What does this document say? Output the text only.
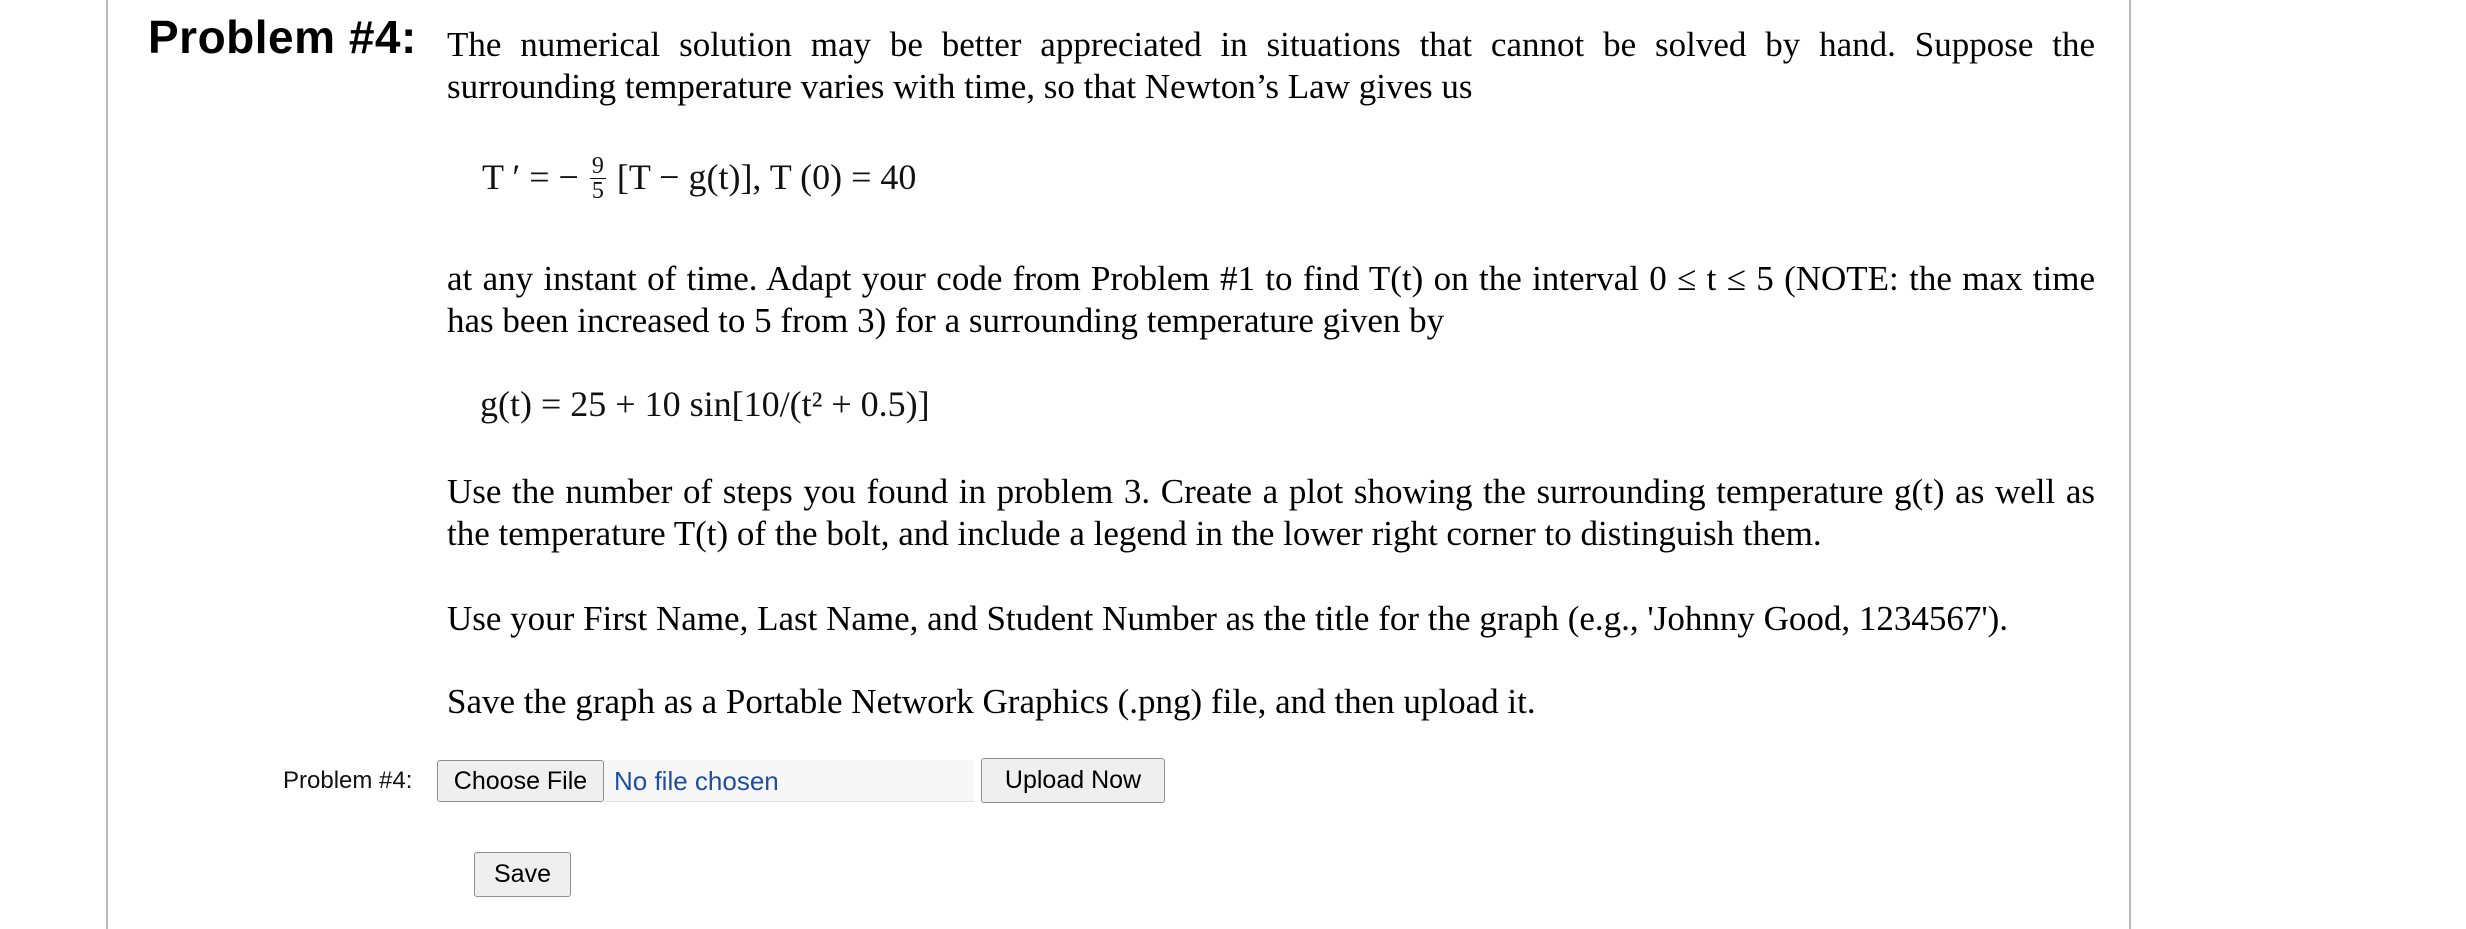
Problem #4: The numerical solution may be better appreciated in situations that cannot be solved by hand. Suppose the surrounding temperature varies with time, so that Newton’s Law gives us
T ′ = − $\frac{9}{5} [T - g(t)]$, T (0) = 40
at any instant of time. Adapt your code from Problem #1 to find T(t) on the interval 0 ≤ t ≤ 5 (NOTE: the max time has been increased to 5 from 3) for a surrounding temperature given by
g(t) = 25 + 10 sin[10/(t² + 0.5)]
Use the number of steps you found in problem 3. Create a plot showing the surrounding temperature g(t) as well as the temperature T(t) of the bolt, and include a legend in the lower right corner to distinguish them.
Use your First Name, Last Name, and Student Number as the title for the graph (e.g., 'Johnny Good, 1234567').
Save the graph as a Portable Network Graphics (.png) file, and then upload it.
Problem #4:	Choose File	No file chosen	Upload Now
Save
